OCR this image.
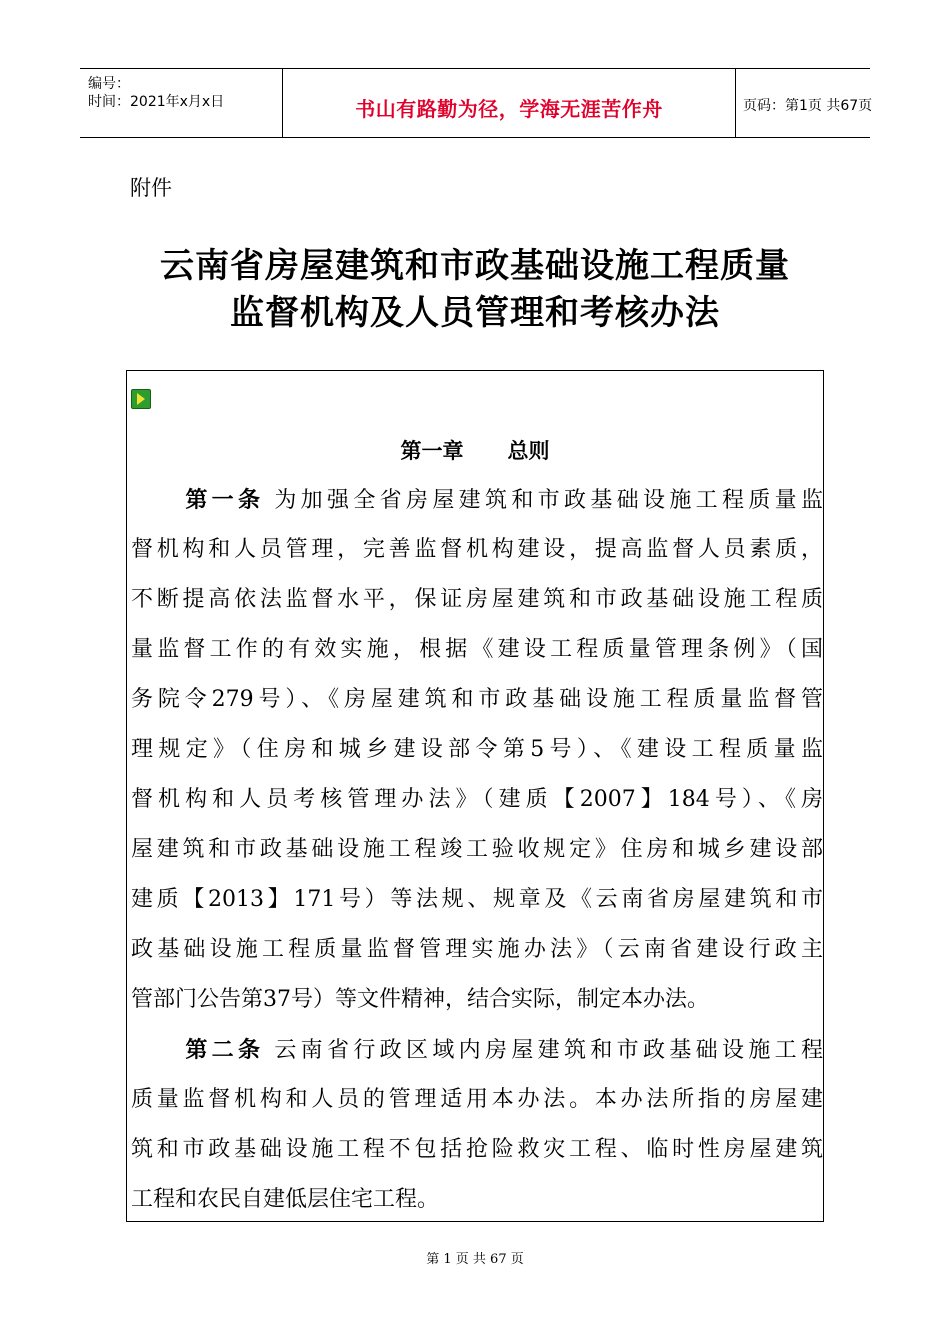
编号：
时间：2021年x月x日	书山有路勤为径，学海无涯苦作舟	页码：第1页 共67页
附件
云南省房屋建筑和市政基础设施工程质量
监督机构及人员管理和考核办法
第一章 总则
第一条 为加强全省房屋建筑和市政基础设施工程质量监
督机构和人员管理，完善监督机构建设，提高监督人员素质，
不断提高依法监督水平，保证房屋建筑和市政基础设施工程质
量监督工作的有效实施，根据《建设工程质量管理条例》（国
务院令279号）、《房屋建筑和市政基础设施工程质量监督管
理规定》（住房和城乡建设部令第5号）、《建设工程质量监
督机构和人员考核管理办法》（建质【2007】184号）、《房
屋建筑和市政基础设施工程竣工验收规定》住房和城乡建设部
建质【2013】171号）等法规、规章及《云南省房屋建筑和市
政基础设施工程质量监督管理实施办法》（云南省建设行政主
管部门公告第37号）等文件精神，结合实际，制定本办法。
第二条 云南省行政区域内房屋建筑和市政基础设施工程
质量监督机构和人员的管理适用本办法。本办法所指的房屋建
筑和市政基础设施工程不包括抢险救灾工程、临时性房屋建筑
工程和农民自建低层住宅工程。
第 1 页 共 67 页
